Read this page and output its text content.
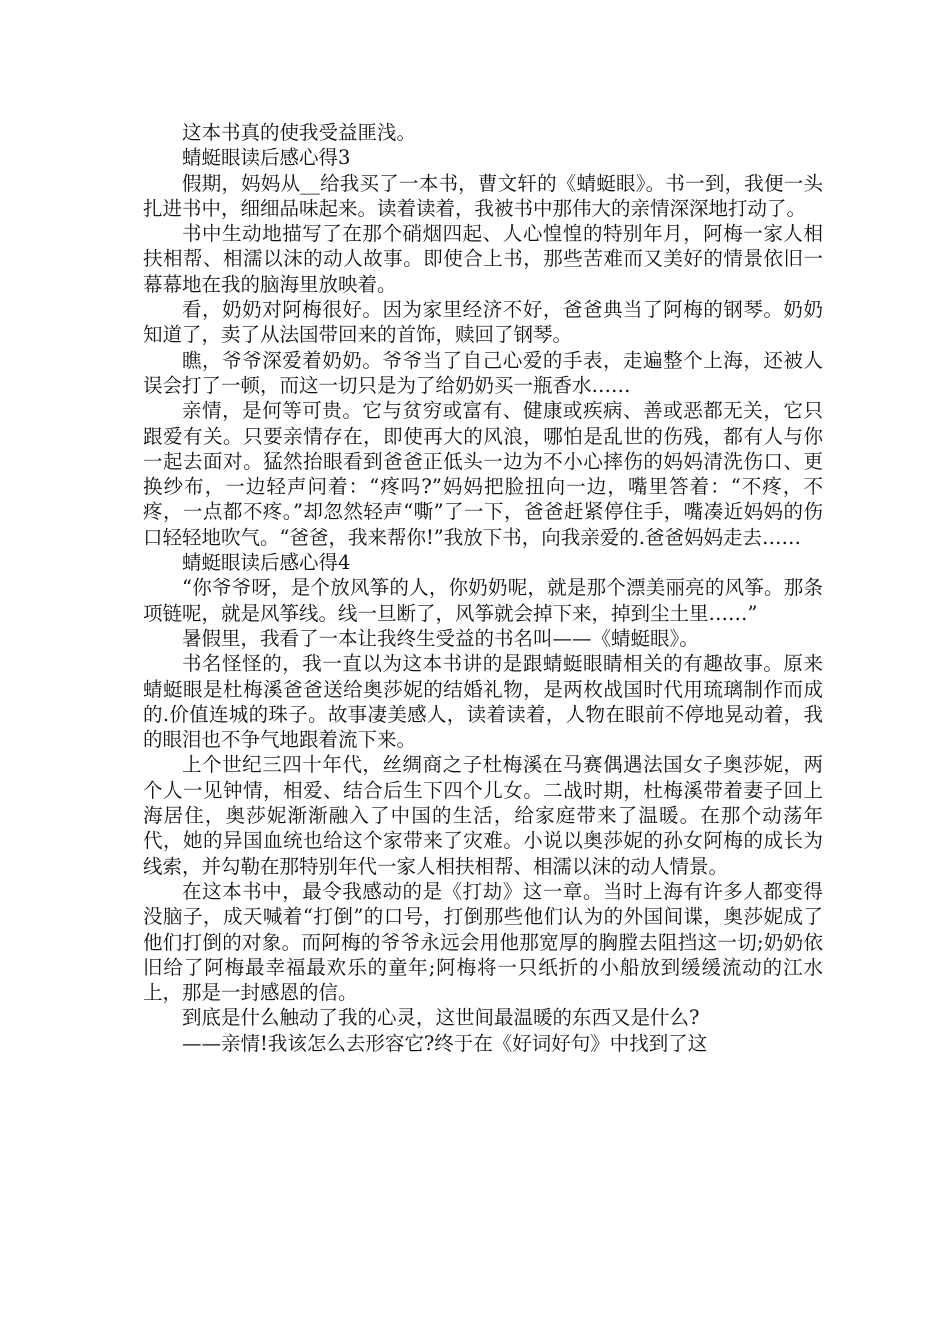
这本书真的使我受益匪浅。

蜻蜓眼读后感心得3

假期，妈妈从__给我买了一本书，曹文轩的《蜻蜓眼》。书一到，我便一头扎进书中，细细品味起来。读着读着，我被书中那伟大的亲情深深地打动了。

书中生动地描写了在那个硝烟四起、人心惶惶的特别年月，阿梅一家人相扶相帮、相濡以沫的动人故事。即使合上书，那些苦难而又美好的情景依旧一幕幕地在我的脑海里放映着。

看，奶奶对阿梅很好。因为家里经济不好，爸爸典当了阿梅的钢琴。奶奶知道了，卖了从法国带回来的首饰，赎回了钢琴。

瞧，爷爷深爱着奶奶。爷爷当了自己心爱的手表，走遍整个上海，还被人误会打了一顿，而这一切只是为了给奶奶买一瓶香水……

亲情，是何等可贵。它与贫穷或富有、健康或疾病、善或恶都无关，它只跟爱有关。只要亲情存在，即使再大的风浪，哪怕是乱世的伤残，都有人与你一起去面对。猛然抬眼看到爸爸正低头一边为不小心摔伤的妈妈清洗伤口、更换纱布，一边轻声问着：“疼吗?”妈妈把脸扭向一边，嘴里答着：“不疼，不疼，一点都不疼。”却忽然轻声“嘶”了一下，爸爸赶紧停住手，嘴凑近妈妈的伤口轻轻地吹气。“爸爸，我来帮你!”我放下书，向我亲爱的.爸爸妈妈走去……

蜻蜓眼读后感心得4

“你爷爷呀，是个放风筝的人，你奶奶呢，就是那个漂美丽亮的风筝。那条项链呢，就是风筝线。线一旦断了，风筝就会掉下来，掉到尘土里……”

暑假里，我看了一本让我终生受益的书名叫——《蜻蜓眼》。

书名怪怪的，我一直以为这本书讲的是跟蜻蜓眼睛相关的有趣故事。原来蜻蜓眼是杜梅溪爸爸送给奥莎妮的结婚礼物，是两枚战国时代用琉璃制作而成的.价值连城的珠子。故事凄美感人，读着读着，人物在眼前不停地晃动着，我的眼泪也不争气地跟着流下来。

上个世纪三四十年代，丝绸商之子杜梅溪在马赛偶遇法国女子奥莎妮，两个人一见钟情，相爱、结合后生下四个儿女。二战时期，杜梅溪带着妻子回上海居住，奥莎妮渐渐融入了中国的生活，给家庭带来了温暖。在那个动荡年代，她的异国血统也给这个家带来了灾难。小说以奥莎妮的孙女阿梅的成长为线索，并勾勒在那特别年代一家人相扶相帮、相濡以沫的动人情景。

在这本书中，最令我感动的是《打劫》这一章。当时上海有许多人都变得没脑子，成天喊着“打倒”的口号，打倒那些他们认为的外国间谍，奥莎妮成了他们打倒的对象。而阿梅的爷爷永远会用他那宽厚的胸膛去阻挡这一切;奶奶依旧给了阿梅最幸福最欢乐的童年;阿梅将一只纸折的小船放到缓缓流动的江水上，那是一封感恩的信。

到底是什么触动了我的心灵，这世间最温暖的东西又是什么?

——亲情!我该怎么去形容它?终于在《好词好句》中找到了这
